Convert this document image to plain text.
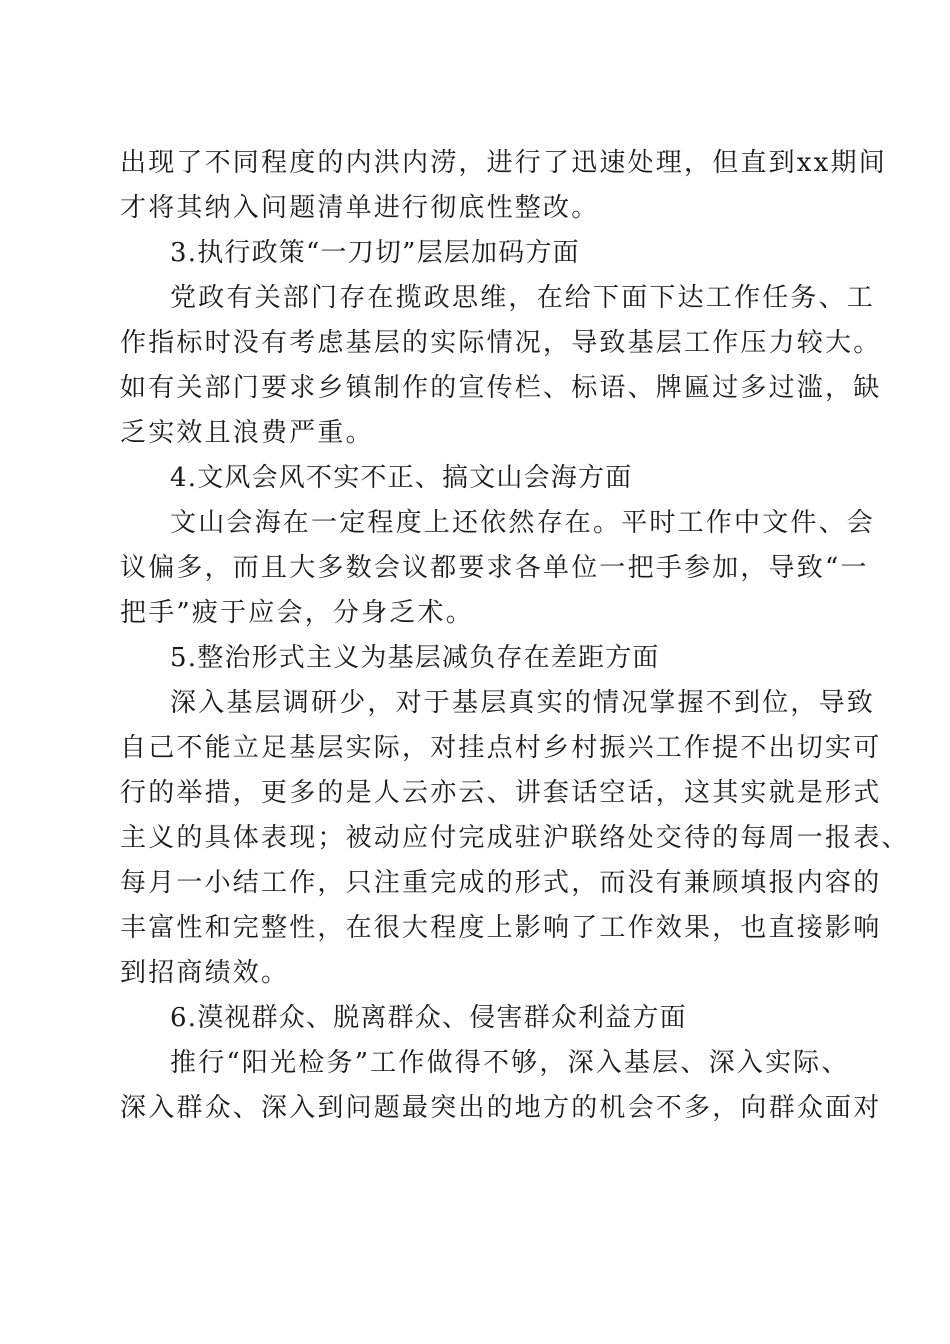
出现了不同程度的内洪内涝，进行了迅速处理，但直到xx期间
才将其纳入问题清单进行彻底性整改。
3.执行政策“一刀切”层层加码方面
党政有关部门存在揽政思维，在给下面下达工作任务、工
作指标时没有考虑基层的实际情况，导致基层工作压力较大。
如有关部门要求乡镇制作的宣传栏、标语、牌匾过多过滥，缺
乏实效且浪费严重。
4.文风会风不实不正、搞文山会海方面
文山会海在一定程度上还依然存在。平时工作中文件、会
议偏多，而且大多数会议都要求各单位一把手参加，导致“一
把手”疲于应会，分身乏术。
5.整治形式主义为基层减负存在差距方面
深入基层调研少，对于基层真实的情况掌握不到位，导致
自己不能立足基层实际，对挂点村乡村振兴工作提不出切实可
行的举措，更多的是人云亦云、讲套话空话，这其实就是形式
主义的具体表现；被动应付完成驻沪联络处交待的每周一报表、
每月一小结工作，只注重完成的形式，而没有兼顾填报内容的
丰富性和完整性，在很大程度上影响了工作效果，也直接影响
到招商绩效。
6.漠视群众、脱离群众、侵害群众利益方面
推行“阳光检务”工作做得不够，深入基层、深入实际、
深入群众、深入到问题最突出的地方的机会不多，向群众面对
